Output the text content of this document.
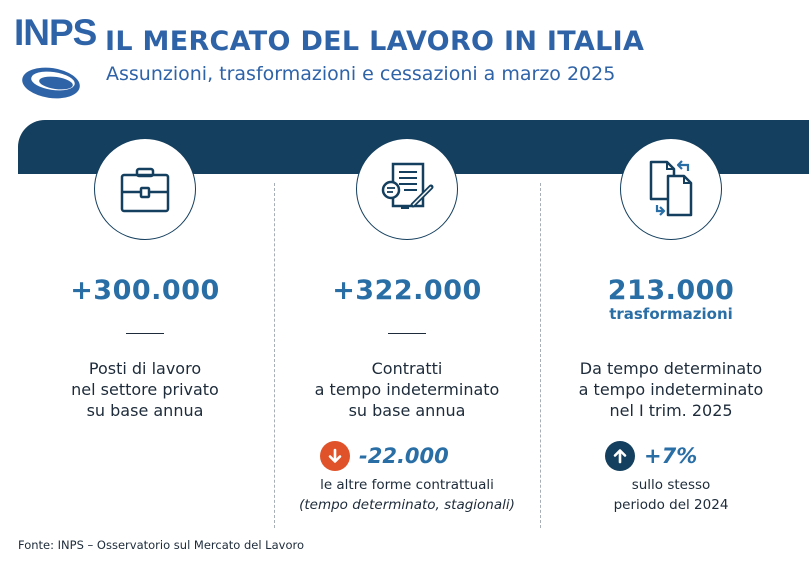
INPS IL MERCATO DEL LAVORO IN ITALIA
Assunzioni, trasformazioni e cessazioni a marzo 2025
+300.000
Posti di lavoro
nel settore privato
su base annua
+322.000
Contratti
a tempo indeterminato
su base annua
-22.000
le altre forme contrattuali
(tempo determinato, stagionali)
213.000
trasformazioni
Da tempo determinato
a tempo indeterminato
nel I trim. 2025
+7%
sullo stesso
periodo del 2024
Fonte: INPS – Osservatorio sul Mercato del Lavoro
